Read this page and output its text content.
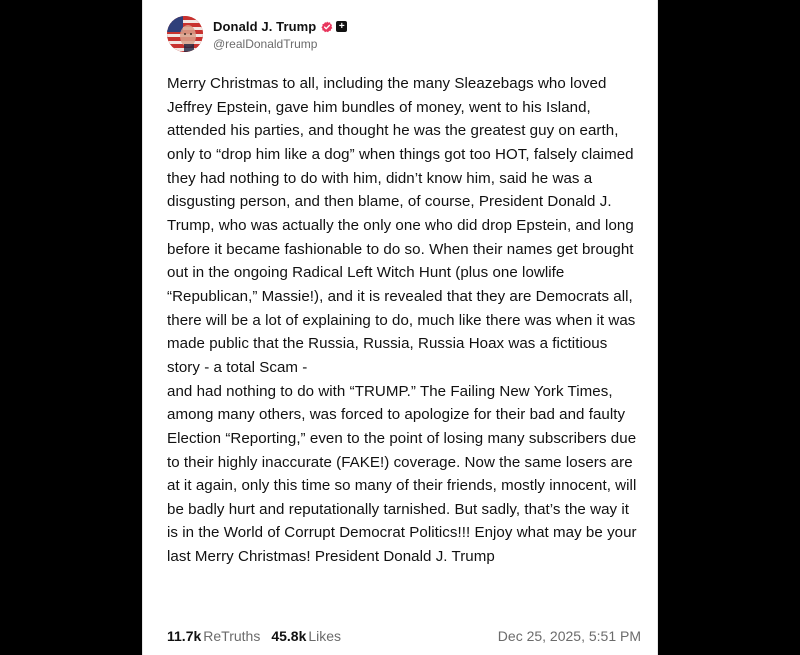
Donald J. Trump +
@realDonaldTrump

Merry Christmas to all, including the many Sleazebags who loved Jeffrey Epstein, gave him bundles of money, went to his Island, attended his parties, and thought he was the greatest guy on earth, only to “drop him like a dog” when things got too HOT, falsely claimed they had nothing to do with him, didn’t know him, said he was a disgusting person, and then blame, of course, President Donald J. Trump, who was actually the only one who did drop Epstein, and long before it became fashionable to do so. When their names get brought out in the ongoing Radical Left Witch Hunt (plus one lowlife “Republican,” Massie!), and it is revealed that they are Democrats all, there will be a lot of explaining to do, much like there was when it was made public that the Russia, Russia, Russia Hoax was a fictitious story - a total Scam -

and had nothing to do with “TRUMP.” The Failing New York Times, among many others, was forced to apologize for their bad and faulty Election “Reporting,” even to the point of losing many subscribers due to their highly inaccurate (FAKE!) coverage. Now the same losers are at it again, only this time so many of their friends, mostly innocent, will be badly hurt and reputationally tarnished. But sadly, that’s the way it is in the World of Corrupt Democrat Politics!!! Enjoy what may be your last Merry Christmas! President Donald J. Trump

11.7k ReTruths 45.8k Likes	Dec 25, 2025, 5:51 PM
